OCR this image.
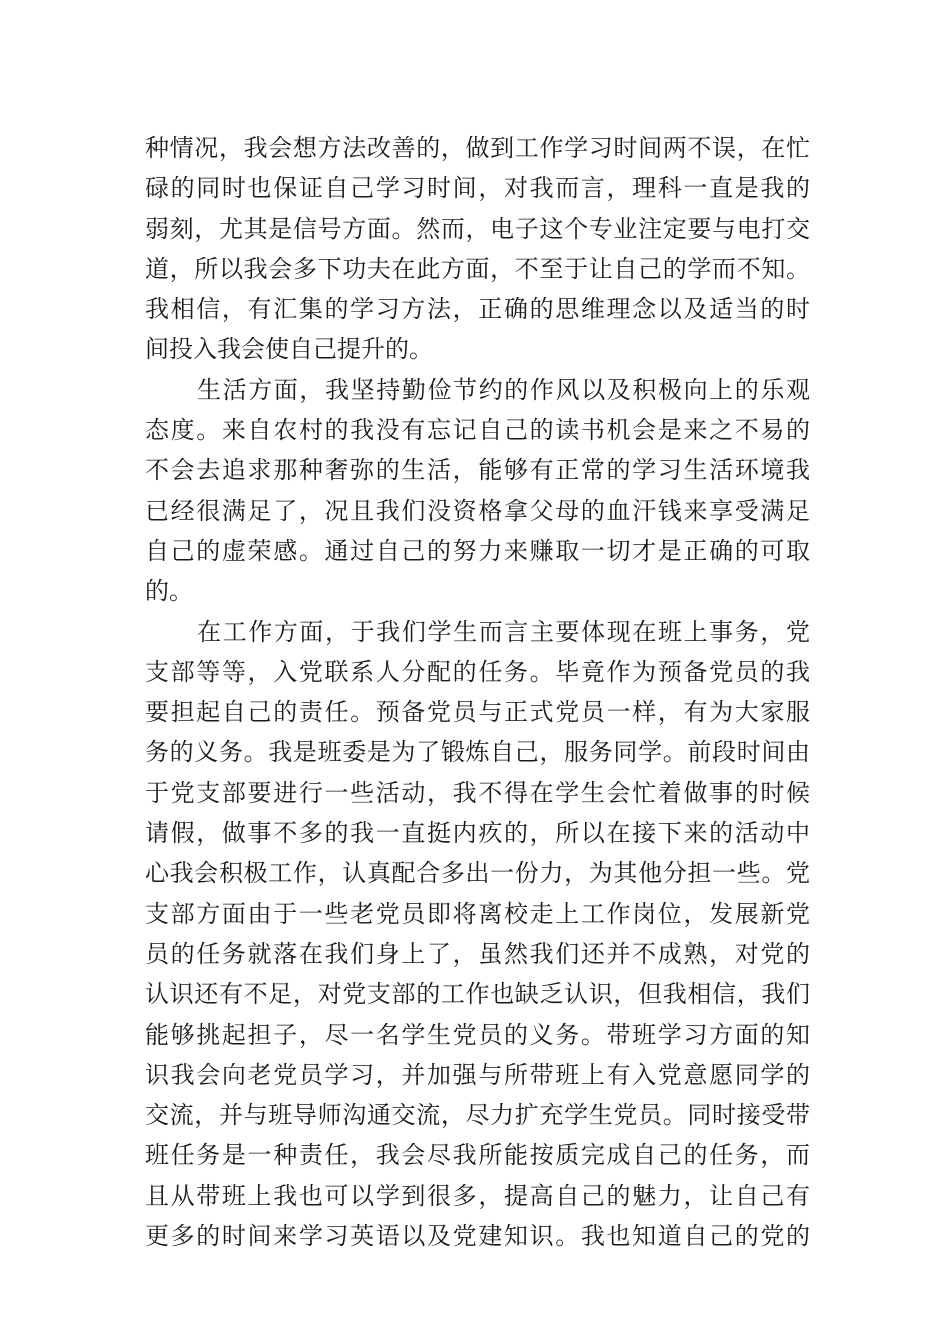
种情况，我会想方法改善的，做到工作学习时间两不误，在忙
碌的同时也保证自己学习时间，对我而言，理科一直是我的
弱刻，尤其是信号方面。然而，电子这个专业注定要与电打交
道，所以我会多下功夫在此方面，不至于让自己的学而不知。
我相信，有汇集的学习方法，正确的思维理念以及适当的时
间投入我会使自己提升的。
生活方面，我坚持勤俭节约的作风以及积极向上的乐观
态度。来自农村的我没有忘记自己的读书机会是来之不易的
不会去追求那种奢弥的生活，能够有正常的学习生活环境我
已经很满足了，况且我们没资格拿父母的血汗钱来享受满足
自己的虚荣感。通过自己的努力来赚取一切才是正确的可取
的。
在工作方面，于我们学生而言主要体现在班上事务，党
支部等等，入党联系人分配的任务。毕竟作为预备党员的我
要担起自己的责任。预备党员与正式党员一样，有为大家服
务的义务。我是班委是为了锻炼自己，服务同学。前段时间由
于党支部要进行一些活动，我不得在学生会忙着做事的时候
请假，做事不多的我一直挺内疚的，所以在接下来的活动中
心我会积极工作，认真配合多出一份力，为其他分担一些。党
支部方面由于一些老党员即将离校走上工作岗位，发展新党
员的任务就落在我们身上了，虽然我们还并不成熟，对党的
认识还有不足，对党支部的工作也缺乏认识，但我相信，我们
能够挑起担子，尽一名学生党员的义务。带班学习方面的知
识我会向老党员学习，并加强与所带班上有入党意愿同学的
交流，并与班导师沟通交流，尽力扩充学生党员。同时接受带
班任务是一种责任，我会尽我所能按质完成自己的任务，而
且从带班上我也可以学到很多，提高自己的魅力，让自己有
更多的时间来学习英语以及党建知识。我也知道自己的党的
